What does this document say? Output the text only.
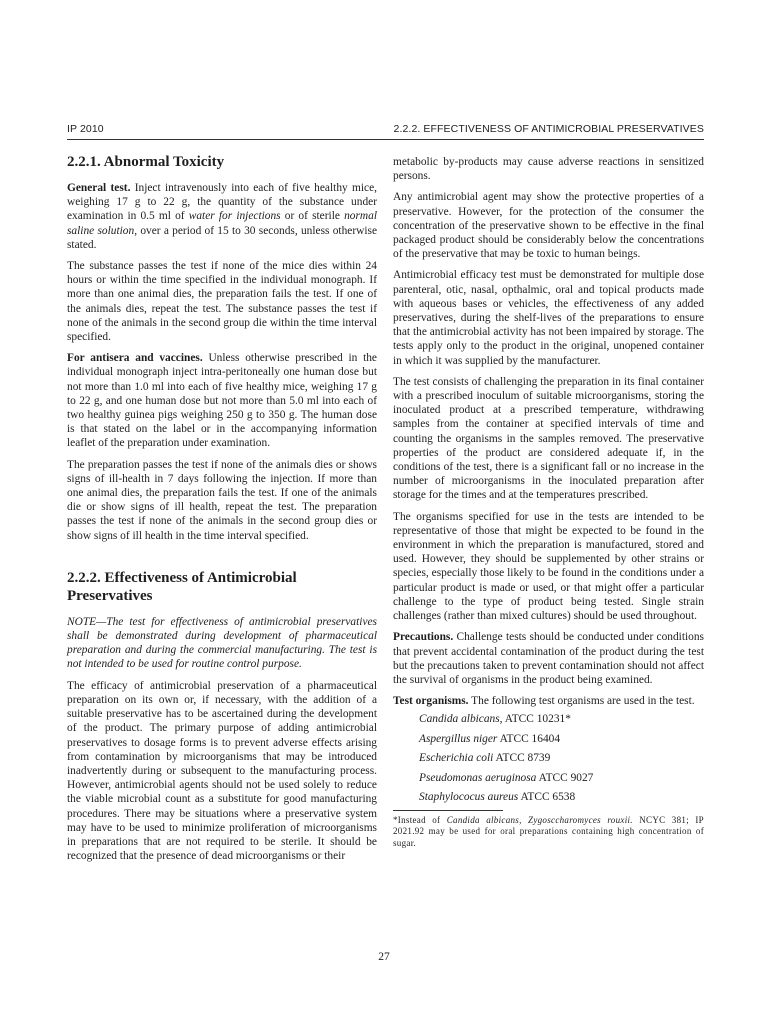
IP 2010	2.2.2. EFFECTIVENESS OF ANTIMICROBIAL PRESERVATIVES
2.2.1. Abnormal Toxicity

General test. Inject intravenously into each of five healthy mice, weighing 17 g to 22 g, the quantity of the substance under examination in 0.5 ml of water for injections or of sterile normal saline solution, over a period of 15 to 30 seconds, unless otherwise stated.

The substance passes the test if none of the mice dies within 24 hours or within the time specified in the individual monograph. If more than one animal dies, the preparation fails the test. If one of the animals dies, repeat the test. The substance passes the test if none of the animals in the second group die within the time interval specified.

For antisera and vaccines. Unless otherwise prescribed in the individual monograph inject intra-peritoneally one human dose but not more than 1.0 ml into each of five healthy mice, weighing 17 g to 22 g, and one human dose but not more than 5.0 ml into each of two healthy guinea pigs weighing 250 g to 350 g. The human dose is that stated on the label or in the accompanying information leaflet of the preparation under examination.

The preparation passes the test if none of the animals dies or shows signs of ill-health in 7 days following the injection. If more than one animal dies, the preparation fails the test. If one of the animals die or show signs of ill health, repeat the test. The preparation passes the test if none of the animals in the second group dies or show signs of ill health in the time interval specified.

2.2.2. Effectiveness of Antimicrobial Preservatives

NOTE—The test for effectiveness of antimicrobial preservatives shall be demonstrated during development of pharmaceutical preparation and during the commercial manufacturing. The test is not intended to be used for routine control purpose.

The efficacy of antimicrobial preservation of a pharmaceutical preparation on its own or, if necessary, with the addition of a suitable preservative has to be ascertained during the development of the product. The primary purpose of adding antimicrobial preservatives to dosage forms is to prevent adverse effects arising from contamination by microorganisms that may be introduced inadvertently during or subsequent to the manufacturing process. However, antimicrobial agents should not be used solely to reduce the viable microbial count as a substitute for good manufacturing procedures. There may be situations where a preservative system may have to be used to minimize proliferation of microorganisms in preparations that are not required to be sterile. It should be recognized that the presence of dead microorganisms or their

metabolic by-products may cause adverse reactions in sensitized persons.

Any antimicrobial agent may show the protective properties of a preservative. However, for the protection of the consumer the concentration of the preservative shown to be effective in the final packaged product should be considerably below the concentrations of the preservative that may be toxic to human beings.

Antimicrobial efficacy test must be demonstrated for multiple dose parenteral, otic, nasal, opthalmic, oral and topical products made with aqueous bases or vehicles, the effectiveness of any added preservatives, during the shelf-lives of the preparations to ensure that the antimicrobial activity has not been impaired by storage. The tests apply only to the product in the original, unopened container in which it was supplied by the manufacturer.

The test consists of challenging the preparation in its final container with a prescribed inoculum of suitable microorganisms, storing the inoculated product at a prescribed temperature, withdrawing samples from the container at specified intervals of time and counting the organisms in the samples removed. The preservative properties of the product are considered adequate if, in the conditions of the test, there is a significant fall or no increase in the number of microorganisms in the inoculated preparation after storage for the times and at the temperatures prescribed.

The organisms specified for use in the tests are intended to be representative of those that might be expected to be found in the environment in which the preparation is manufactured, stored and used. However, they should be supplemented by other strains or species, especially those likely to be found in the conditions under a particular product is made or used, or that might offer a particular challenge to the type of product being tested. Single strain challenges (rather than mixed cultures) should be used throughout.

Precautions. Challenge tests should be conducted under conditions that prevent accidental contamination of the product during the test but the precautions taken to prevent contamination should not affect the survival of organisms in the product being examined.

Test organisms. The following test organisms are used in the test.

Candida albicans, ATCC 10231*
Aspergillus niger ATCC 16404
Escherichia coli ATCC 8739
Pseudomonas aeruginosa ATCC 9027
Staphylococus aureus ATCC 6538
*Instead of Candida albicans, Zygosccharomyces rouxii. NCYC 381; IP 2021.92 may be used for oral preparations containing high concentration of sugar.
27
